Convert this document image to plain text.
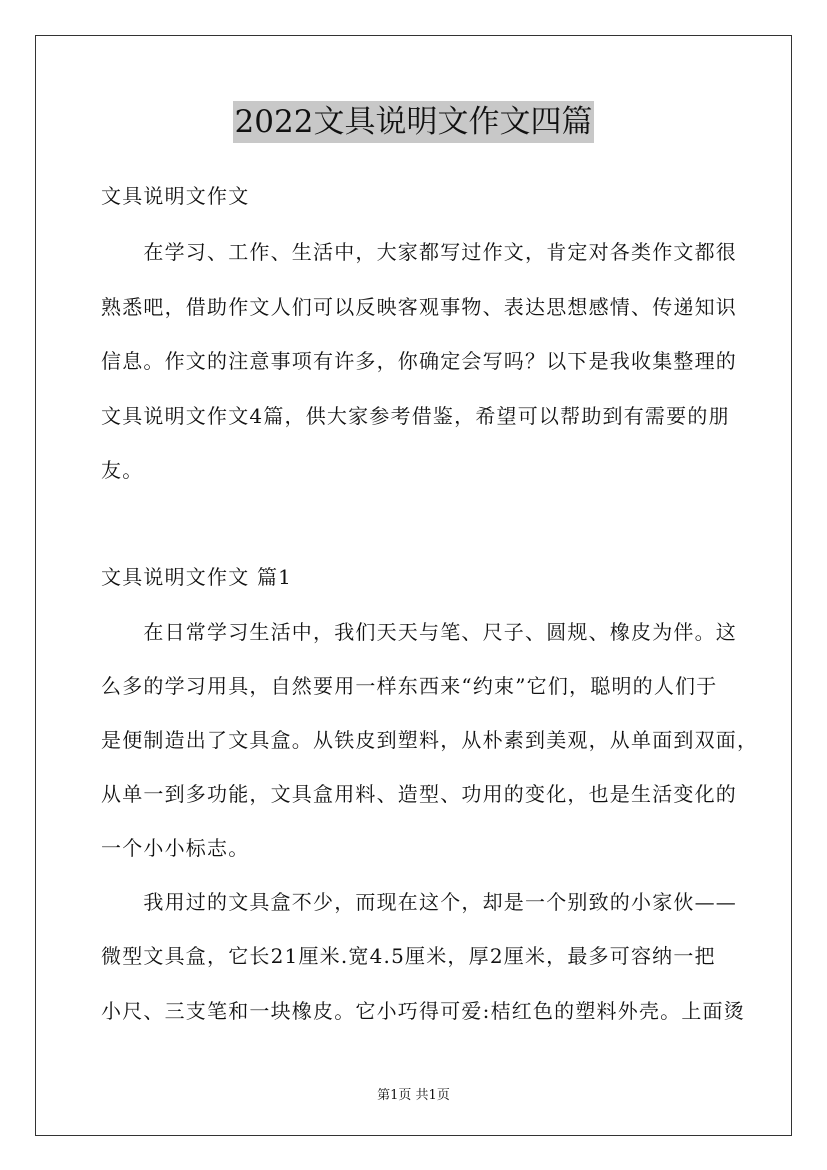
2022文具说明文作文四篇
文具说明文作文
　　在学习、工作、生活中，大家都写过作文，肯定对各类作文都很
熟悉吧，借助作文人们可以反映客观事物、表达思想感情、传递知识
信息。作文的注意事项有许多，你确定会写吗？以下是我收集整理的
文具说明文作文4篇，供大家参考借鉴，希望可以帮助到有需要的朋
友。
文具说明文作文 篇1
　　在日常学习生活中，我们天天与笔、尺子、圆规、橡皮为伴。这
么多的学习用具，自然要用一样东西来“约束”它们，聪明的人们于
是便制造出了文具盒。从铁皮到塑料，从朴素到美观，从单面到双面，
从单一到多功能，文具盒用料、造型、功用的变化，也是生活变化的
一个小小标志。
　　我用过的文具盒不少，而现在这个，却是一个别致的小家伙——
微型文具盒，它长21厘米.宽4.5厘米，厚2厘米，最多可容纳一把
小尺、三支笔和一块橡皮。它小巧得可爱:桔红色的塑料外壳。上面烫
第1页 共1页
